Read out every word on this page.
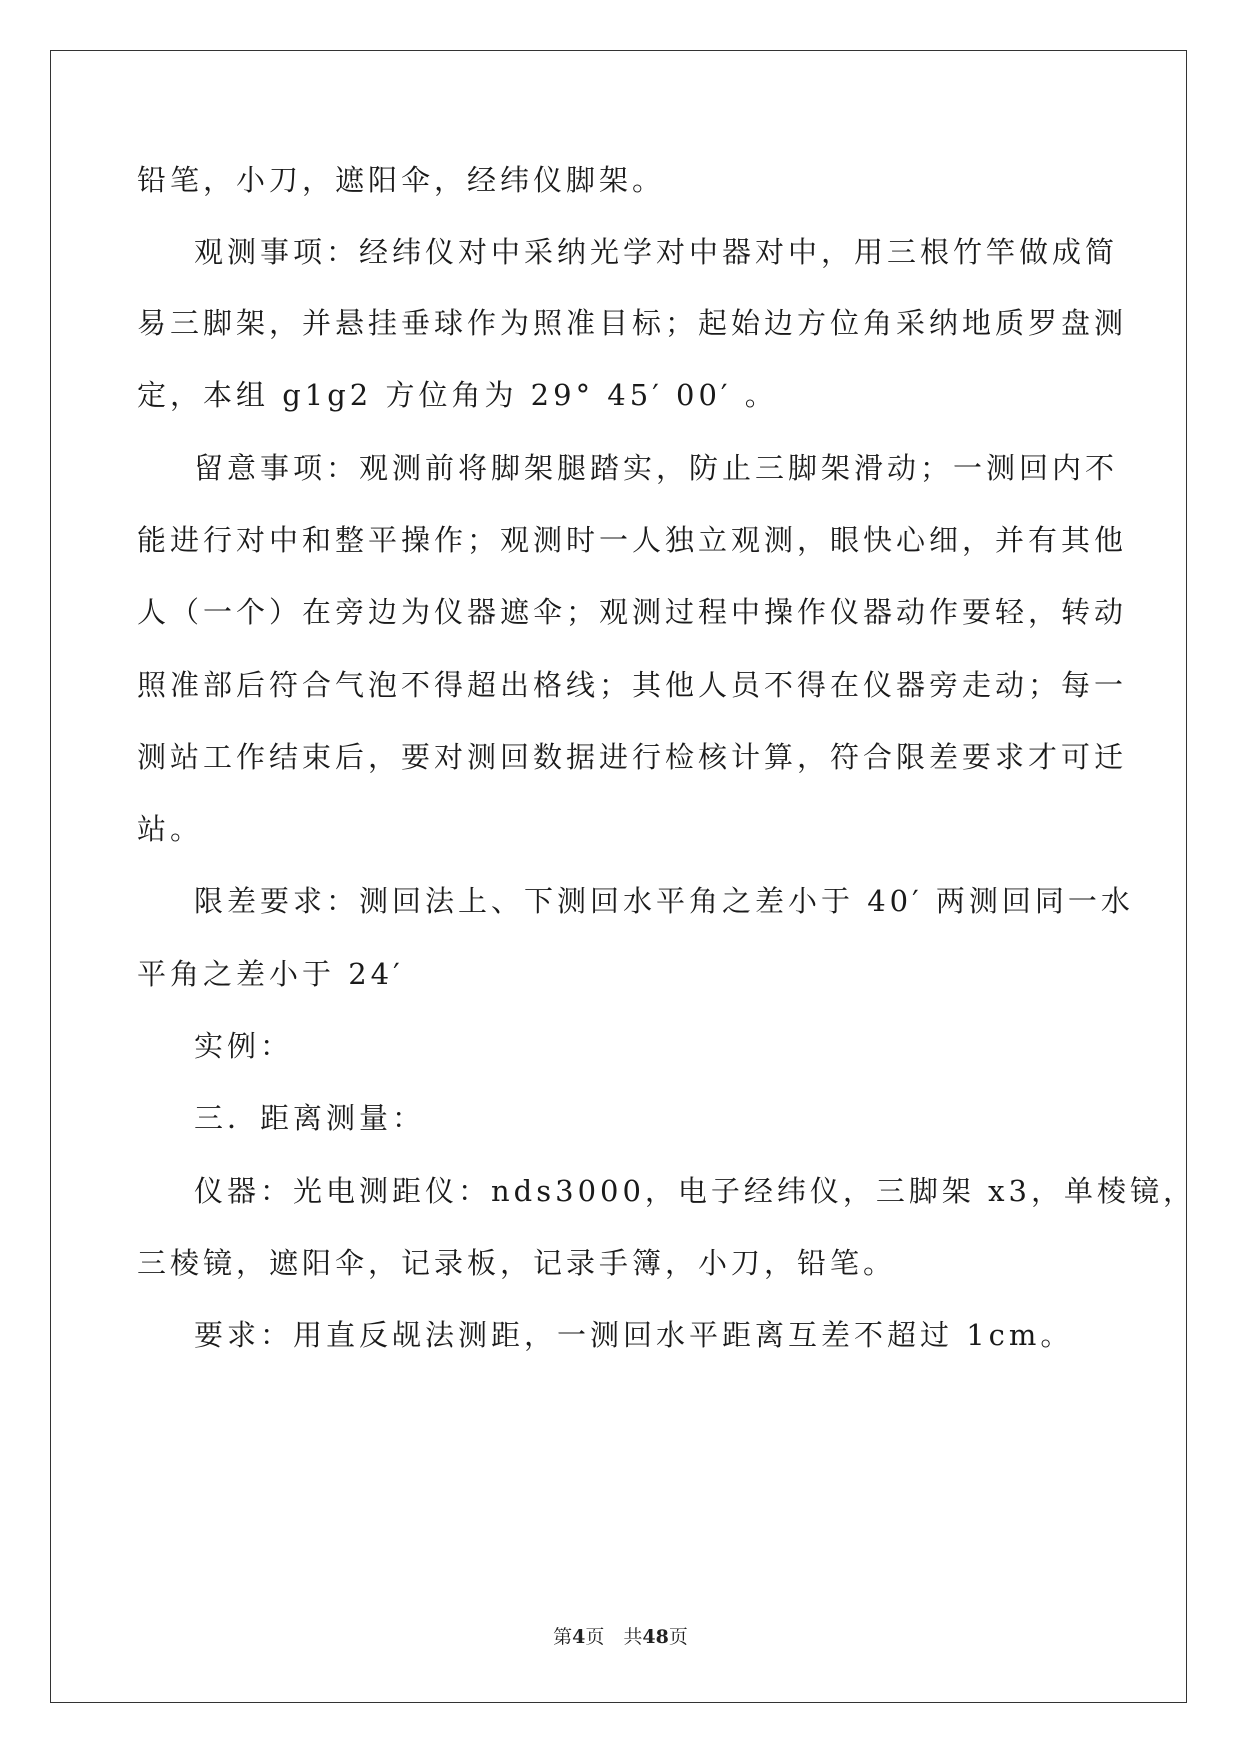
铅笔，小刀，遮阳伞，经纬仪脚架。
观测事项：经纬仪对中采纳光学对中器对中，用三根竹竿做成简
易三脚架，并悬挂垂球作为照准目标；起始边方位角采纳地质罗盘测
定，本组 g1g2 方位角为 29° 45′ 00′ 。
留意事项：观测前将脚架腿踏实，防止三脚架滑动；一测回内不
能进行对中和整平操作；观测时一人独立观测，眼快心细，并有其他
人（一个）在旁边为仪器遮伞；观测过程中操作仪器动作要轻，转动
照准部后符合气泡不得超出格线；其他人员不得在仪器旁走动；每一
测站工作结束后，要对测回数据进行检核计算，符合限差要求才可迁
站。
限差要求：测回法上、下测回水平角之差小于 40′ 两测回同一水
平角之差小于 24′
实例：
三．距离测量：
仪器：光电测距仪：nds3000，电子经纬仪，三脚架 x3，单棱镜，
三棱镜，遮阳伞，记录板，记录手簿，小刀，铅笔。
要求：用直反觇法测距，一测回水平距离互差不超过 1cm。
第4页　共48页
